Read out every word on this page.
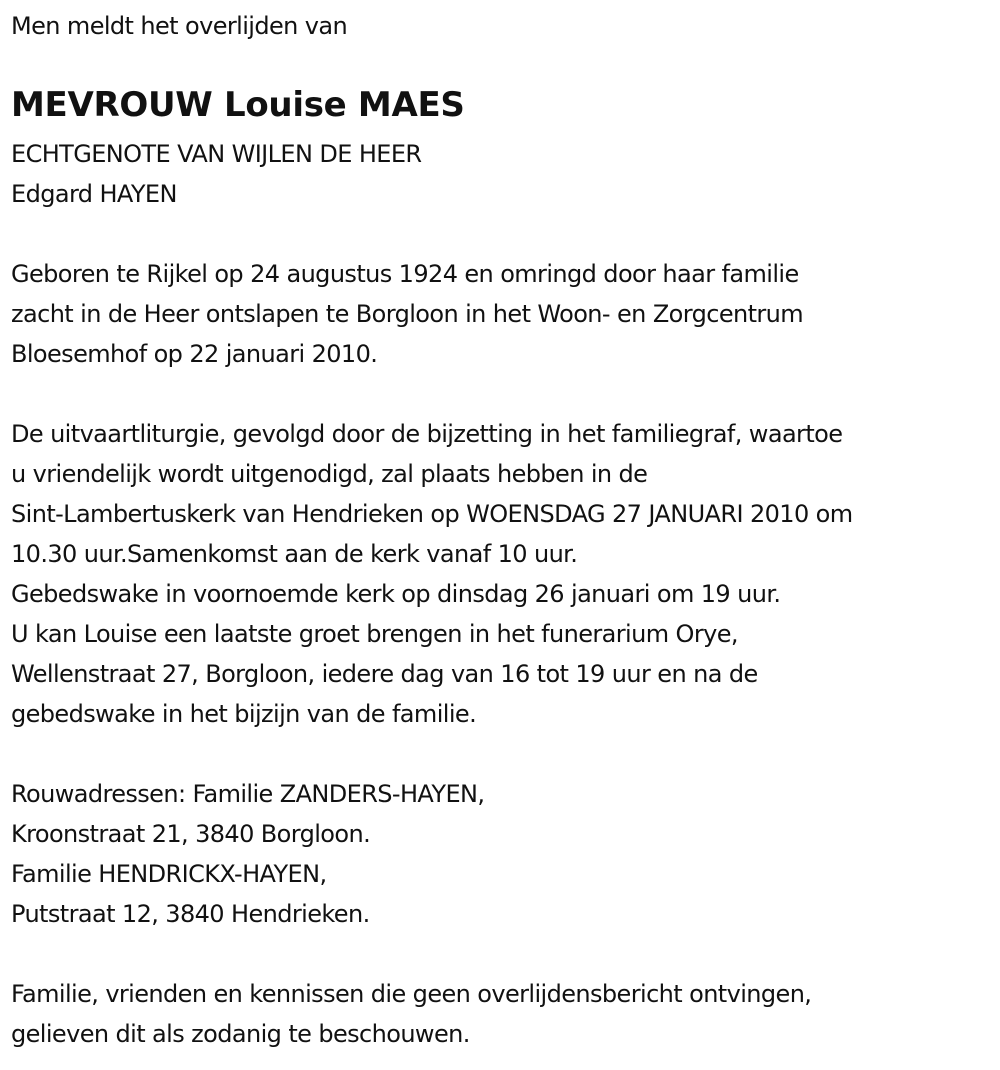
Men meldt het overlijden van
MEVROUW Louise MAES
ECHTGENOTE VAN WIJLEN DE HEER
Edgard HAYEN
Geboren te Rijkel op 24 augustus 1924 en omringd door haar familie
zacht in de Heer ontslapen te Borgloon in het Woon- en Zorgcentrum
Bloesemhof op 22 januari 2010.
De uitvaartliturgie, gevolgd door de bijzetting in het familiegraf, waartoe
u vriendelijk wordt uitgenodigd, zal plaats hebben in de
Sint-Lambertuskerk van Hendrieken op WOENSDAG 27 JANUARI 2010 om
10.30 uur.Samenkomst aan de kerk vanaf 10 uur.
Gebedswake in voornoemde kerk op dinsdag 26 januari om 19 uur.
U kan Louise een laatste groet brengen in het funerarium Orye,
Wellenstraat 27, Borgloon, iedere dag van 16 tot 19 uur en na de
gebedswake in het bijzijn van de familie.
Rouwadressen: Familie ZANDERS-HAYEN,
Kroonstraat 21, 3840 Borgloon.
Familie HENDRICKX-HAYEN,
Putstraat 12, 3840 Hendrieken.
Familie, vrienden en kennissen die geen overlijdensbericht ontvingen,
gelieven dit als zodanig te beschouwen.
